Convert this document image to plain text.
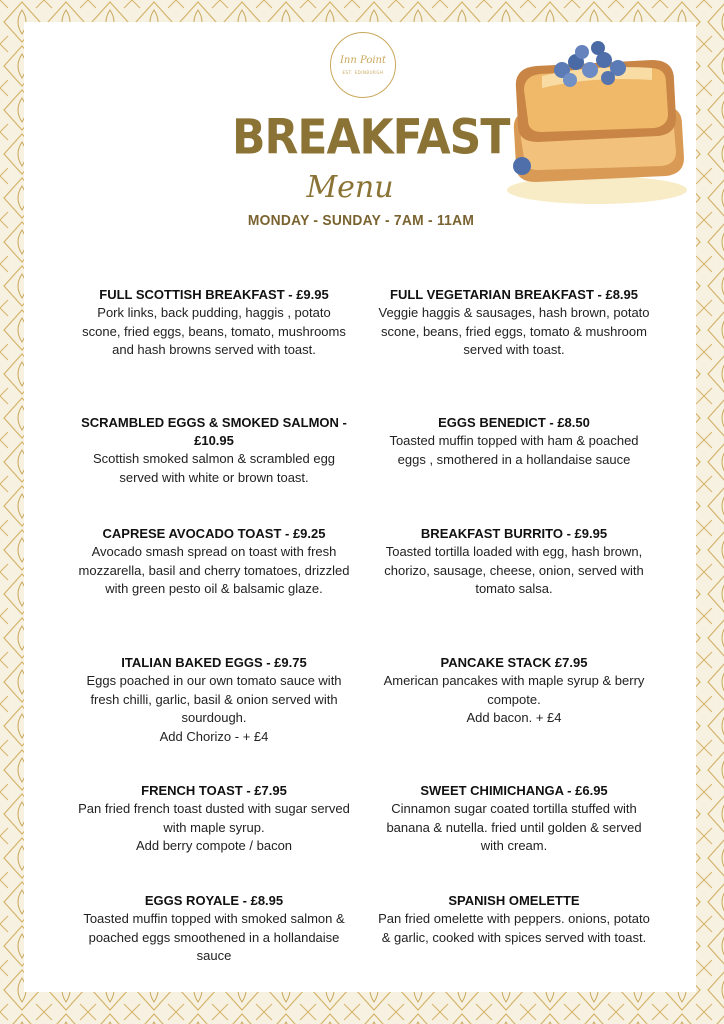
Inn Point
EST. EDINBURGH
BREAKFAST
Menu
MONDAY - SUNDAY - 7AM - 11AM
FULL SCOTTISH BREAKFAST - £9.95
Pork links, back pudding, haggis , potato scone, fried eggs, beans, tomato, mushrooms and hash browns served with toast.
SCRAMBLED EGGS & SMOKED SALMON - £10.95
Scottish smoked salmon & scrambled egg served with white or brown toast.
CAPRESE AVOCADO TOAST - £9.25
Avocado smash spread on toast with fresh mozzarella, basil and cherry tomatoes, drizzled with green pesto oil & balsamic glaze.
ITALIAN BAKED EGGS - £9.75
Eggs poached in our own tomato sauce with fresh chilli, garlic, basil & onion served with sourdough.
Add Chorizo - + £4
FRENCH TOAST - £7.95
Pan fried french toast dusted with sugar served with maple syrup.
Add berry compote / bacon
EGGS ROYALE - £8.95
Toasted muffin topped with smoked salmon & poached eggs smoothened in a hollandaise sauce
FULL VEGETARIAN BREAKFAST - £8.95
Veggie haggis & sausages, hash brown, potato scone, beans, fried eggs, tomato & mushroom served with toast.
EGGS BENEDICT - £8.50
Toasted muffin topped with ham & poached eggs , smothered in a hollandaise sauce
BREAKFAST BURRITO - £9.95
Toasted tortilla loaded with egg, hash brown, chorizo, sausage, cheese, onion, served with tomato salsa.
PANCAKE STACK £7.95
American pancakes with maple syrup & berry compote.
Add bacon. + £4
SWEET CHIMICHANGA - £6.95
Cinnamon sugar coated tortilla stuffed with banana & nutella. fried until golden & served with cream.
SPANISH OMELETTE
Pan fried omelette with peppers. onions, potato & garlic, cooked with spices served with toast.
